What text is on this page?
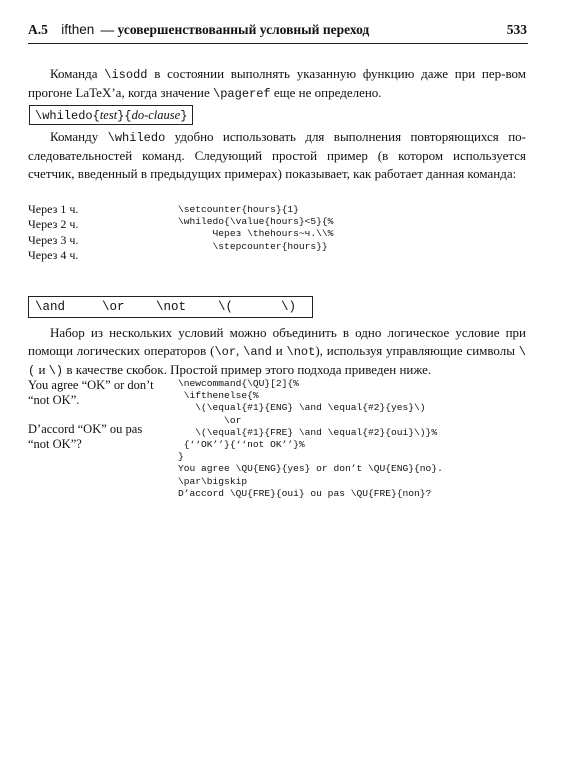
A.5 ifthen — усовершенствованный условный переход	533
Команда \isodd в состоянии выполнять указанную функцию даже при пер-вом прогоне LaTeX’a, когда значение \pageref еще не определено.
\whiledo{test}{do-clause}
Команду \whiledo удобно использовать для выполнения повторяющихся по-следовательностей команд. Следующий простой пример (в котором используется счетчик, введенный в предыдущих примерах) показывает, как работает данная команда:
Через 1 ч.
Через 2 ч.
Через 3 ч.
Через 4 ч.
\setcounter{hours}{1}
\whiledo{\value{hours}<5}{%
Через \thehours~ч.\\%
\stepcounter{hours}}
\and	\or	\not	\(	\)
Набор из нескольких условий можно объединить в одно логическое условие при помощи логических операторов (\or, \and и \not), используя управляющие символы \( и \) в качестве скобок. Простой пример этого подхода приведен ниже.
You agree “OK” or don’t “not OK”.
D’accord “OK” ou pas “not OK”?
\newcommand{\QU}[2]{%
\ifthenelse{%
\(\equal{#1}{ENG} \and \equal{#2}{yes}\)
\or
\(\equal{#1}{FRE} \and \equal{#2}{oui}\)}%
{‘‘OK’’}{‘‘not OK’’}%
}
You agree \QU{ENG}{yes} or don’t \QU{ENG}{no}.
\par\bigskip
D’accord \QU{FRE}{oui} ou pas \QU{FRE}{non}?
